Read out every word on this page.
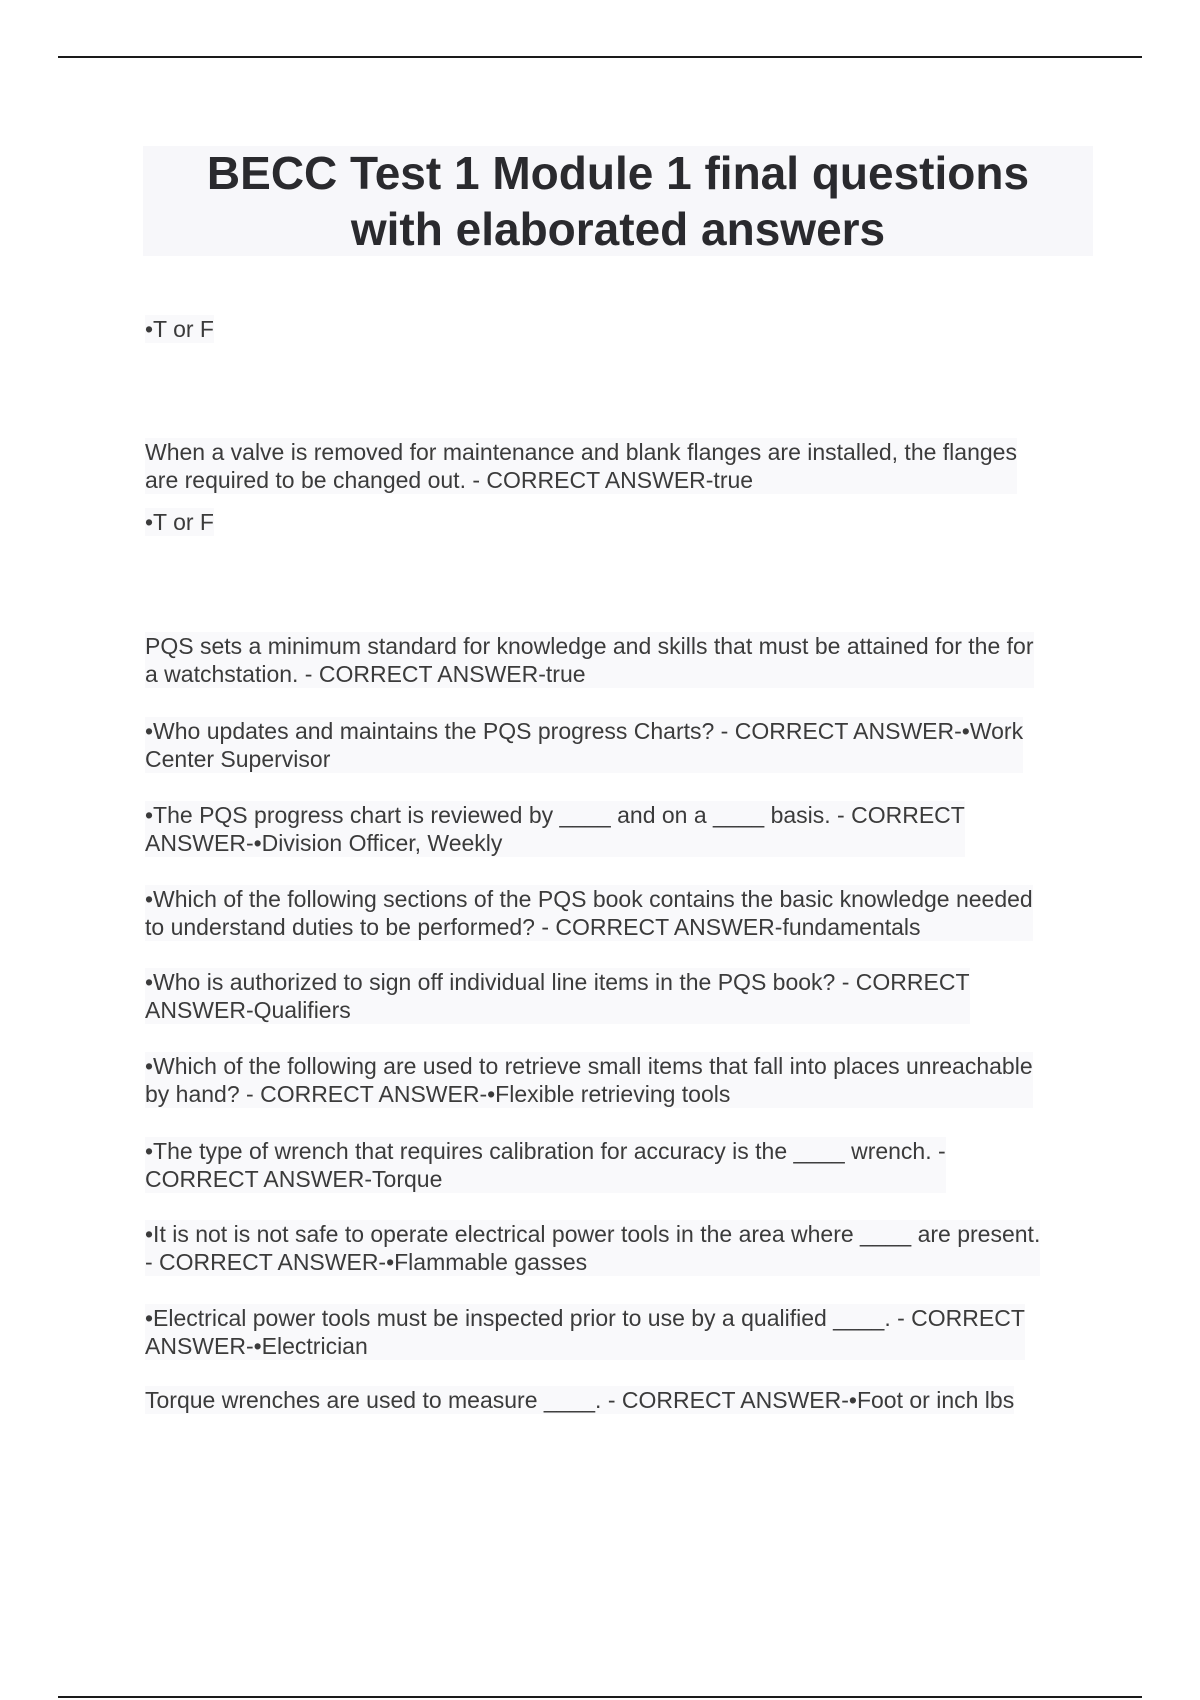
BECC Test 1 Module 1 final questions
with elaborated answers
•T or F
When a valve is removed for maintenance and blank flanges are installed, the flanges
are required to be changed out. - CORRECT ANSWER-true
•T or F
PQS sets a minimum standard for knowledge and skills that must be attained for the for
a watchstation. - CORRECT ANSWER-true
•Who updates and maintains the PQS progress Charts? - CORRECT ANSWER-•Work
Center Supervisor
•The PQS progress chart is reviewed by ____ and on a ____ basis. - CORRECT
ANSWER-•Division Officer, Weekly
•Which of the following sections of the PQS book contains the basic knowledge needed
to understand duties to be performed? - CORRECT ANSWER-fundamentals
•Who is authorized to sign off individual line items in the PQS book? - CORRECT
ANSWER-Qualifiers
•Which of the following are used to retrieve small items that fall into places unreachable
by hand? - CORRECT ANSWER-•Flexible retrieving tools
•The type of wrench that requires calibration for accuracy is the ____ wrench. -
CORRECT ANSWER-Torque
•It is not is not safe to operate electrical power tools in the area where ____ are present.
- CORRECT ANSWER-•Flammable gasses
•Electrical power tools must be inspected prior to use by a qualified ____. - CORRECT
ANSWER-•Electrician
Torque wrenches are used to measure ____. - CORRECT ANSWER-•Foot or inch lbs
